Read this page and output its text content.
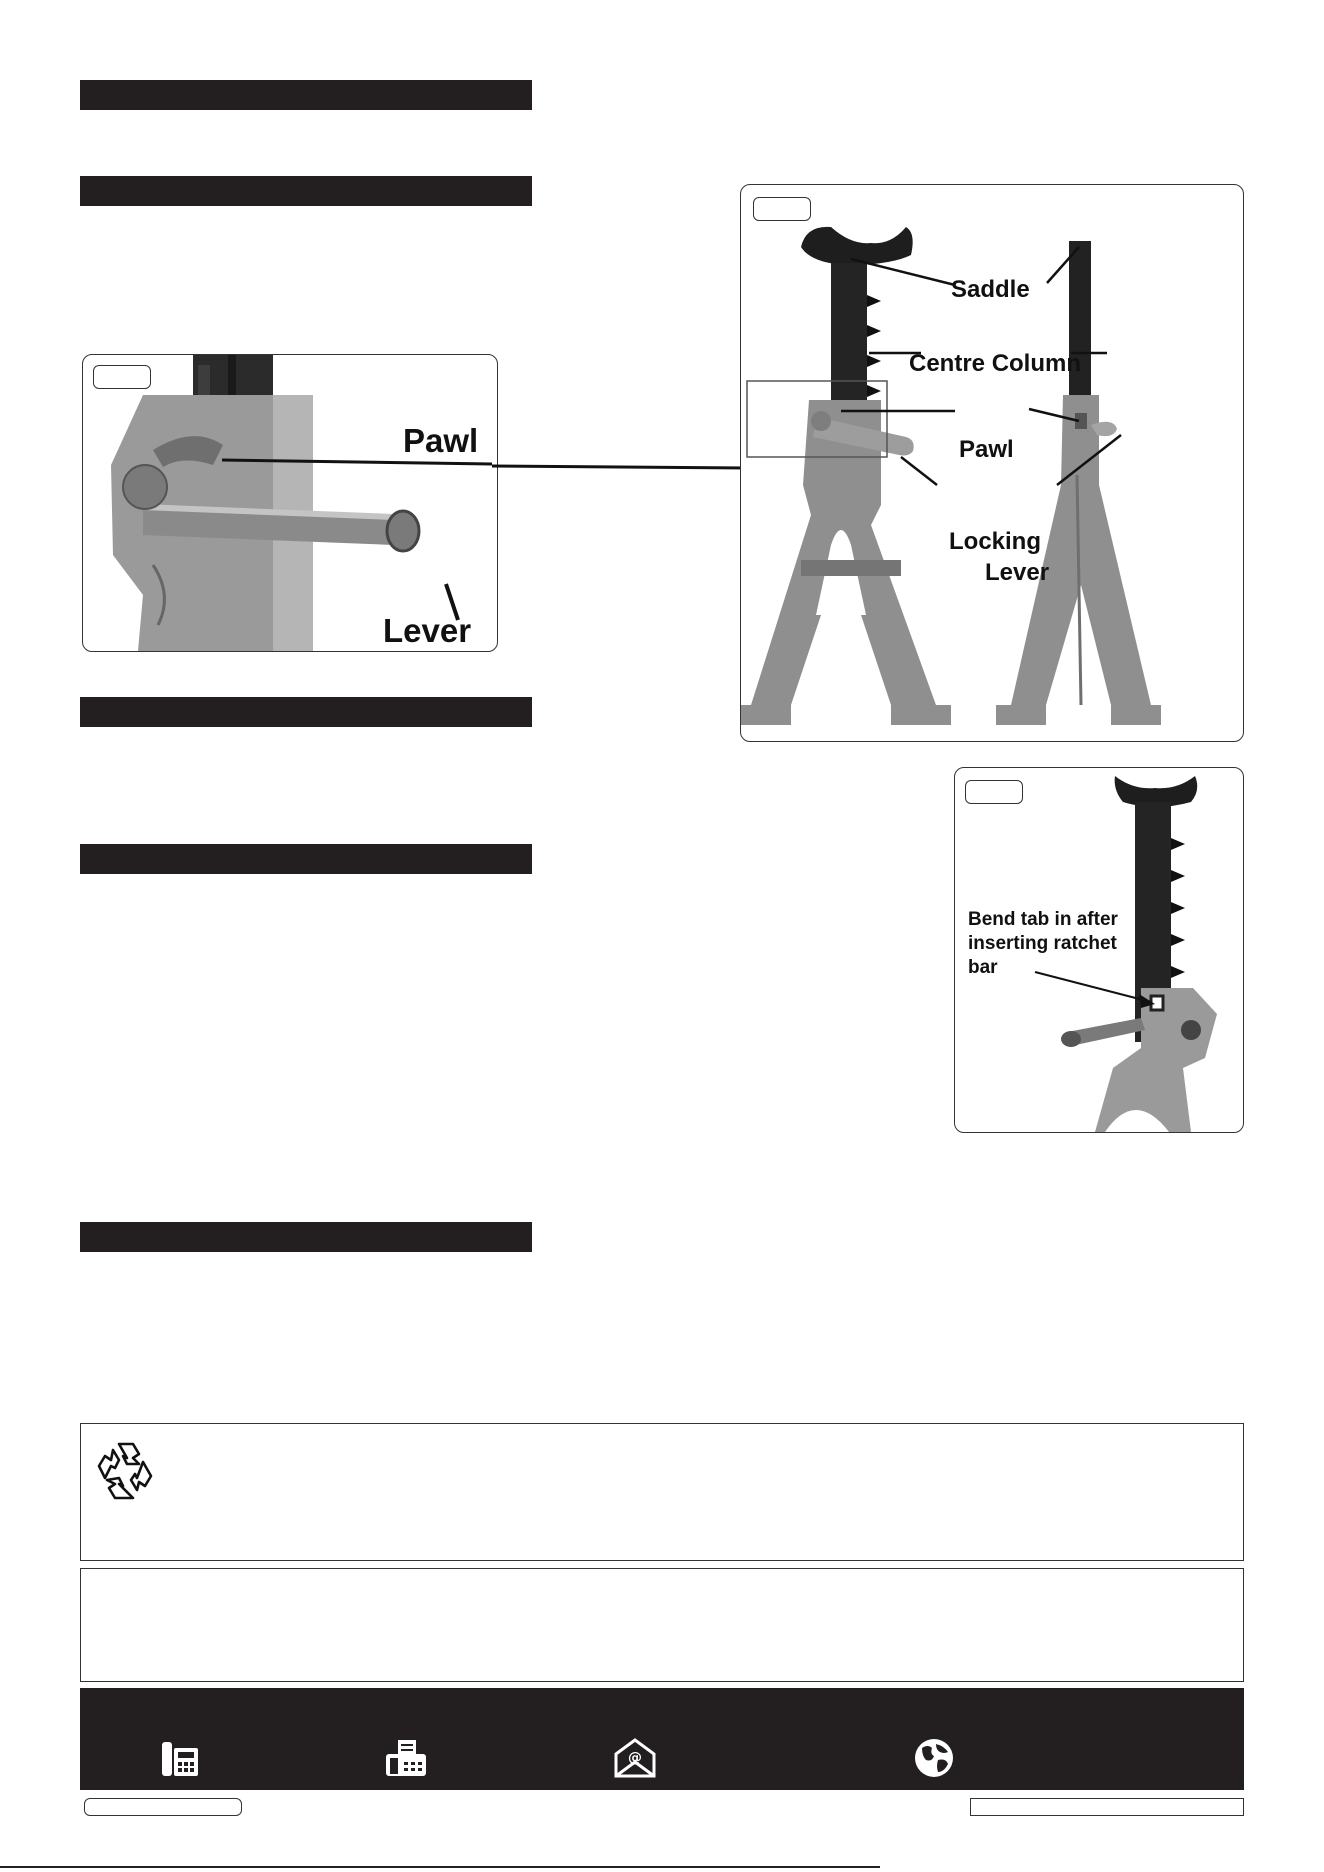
Pawl
Lever
Saddle
Centre Column
Pawl
Locking
Lever
Bend tab in after
inserting ratchet
bar
@
